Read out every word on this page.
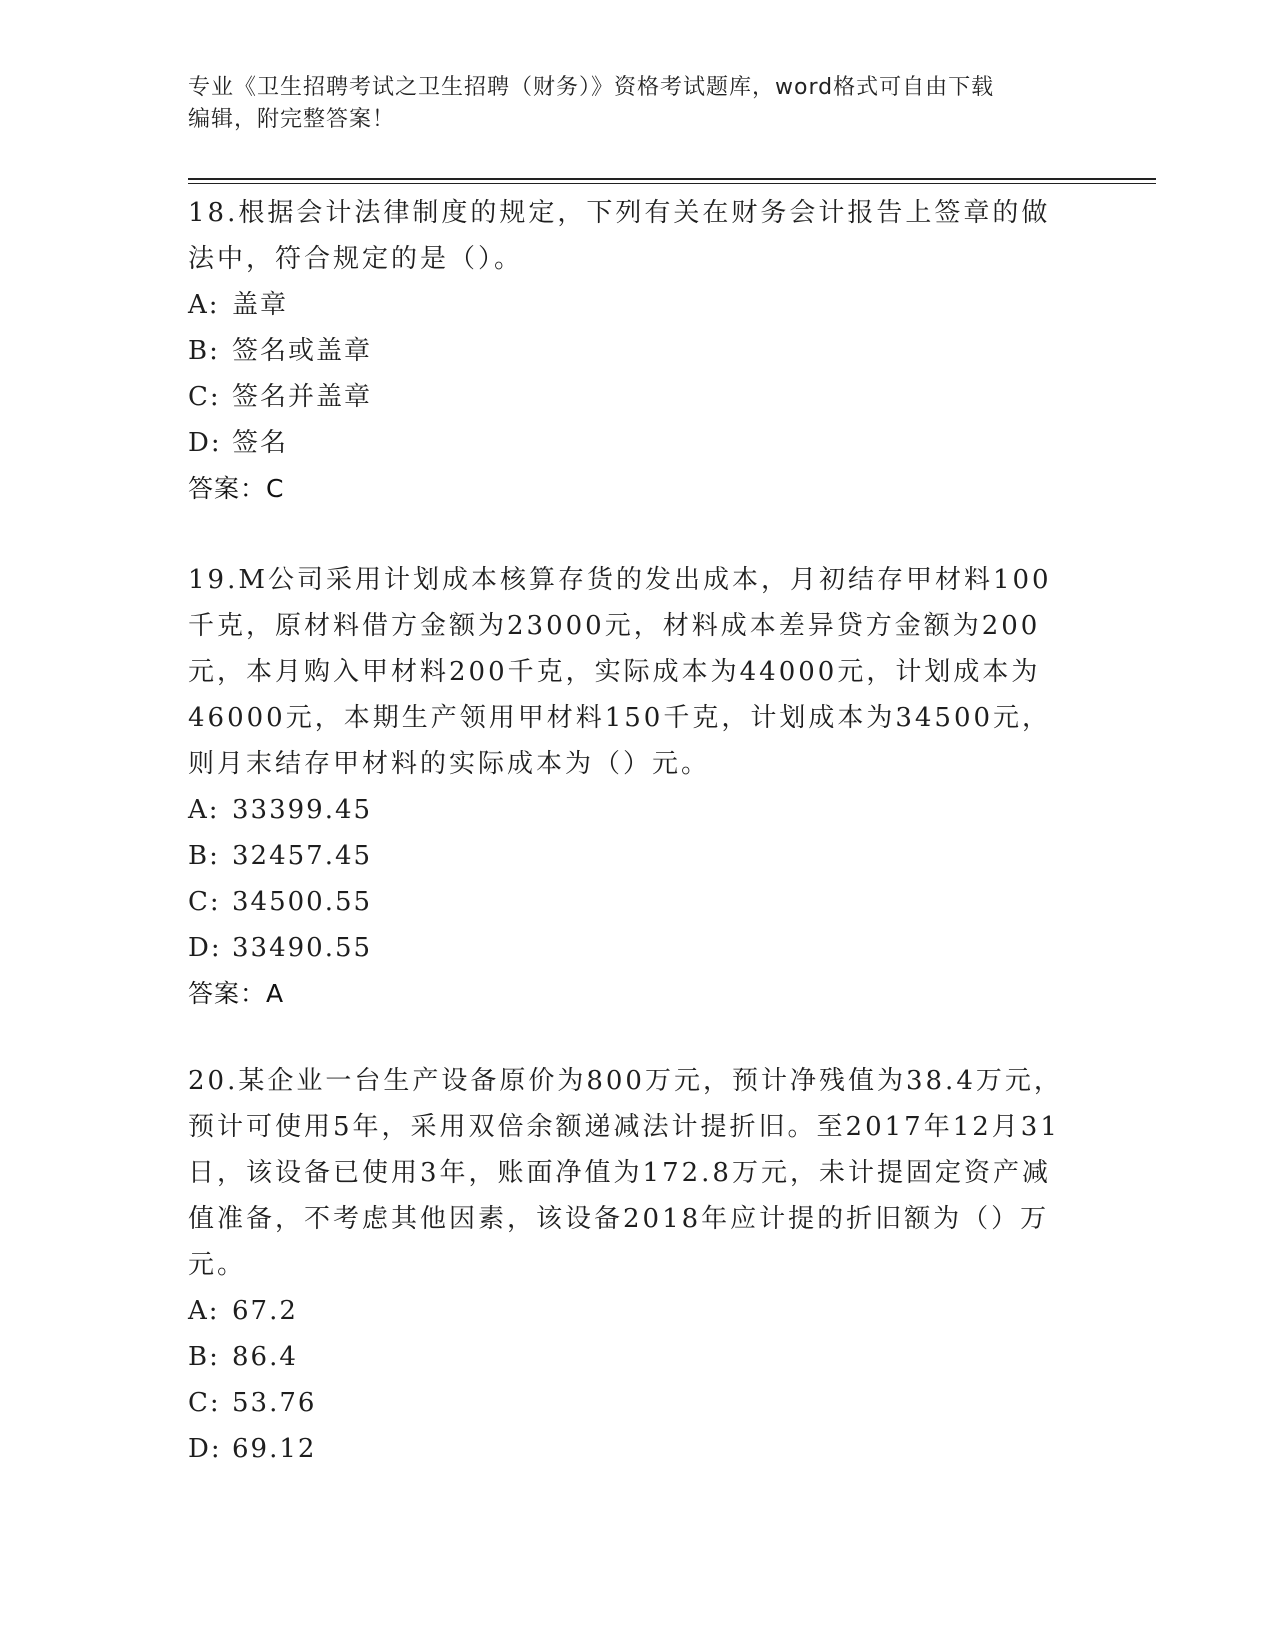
专业《卫生招聘考试之卫生招聘（财务）》资格考试题库，word格式可自由下载
编辑，附完整答案！

18.根据会计法律制度的规定，下列有关在财务会计报告上签章的做法中，符合规定的是（）。

A: 盖章
B: 签名或盖章
C: 签名并盖章
D: 签名
答案：C

19.M公司采用计划成本核算存货的发出成本，月初结存甲材料100千克，原材料借方金额为23000元，材料成本差异贷方金额为200元，本月购入甲材料200千克，实际成本为44000元，计划成本为46000元，本期生产领用甲材料150千克，计划成本为34500元，则月末结存甲材料的实际成本为（）元。

A: 33399.45
B: 32457.45
C: 34500.55
D: 33490.55
答案：A

20.某企业一台生产设备原价为800万元，预计净残值为38.4万元，预计可使用5年，采用双倍余额递减法计提折旧。至2017年12月31日，该设备已使用3年，账面净值为172.8万元，未计提固定资产减值准备，不考虑其他因素，该设备2018年应计提的折旧额为（）万元。

A: 67.2
B: 86.4
C: 53.76
D: 69.12
